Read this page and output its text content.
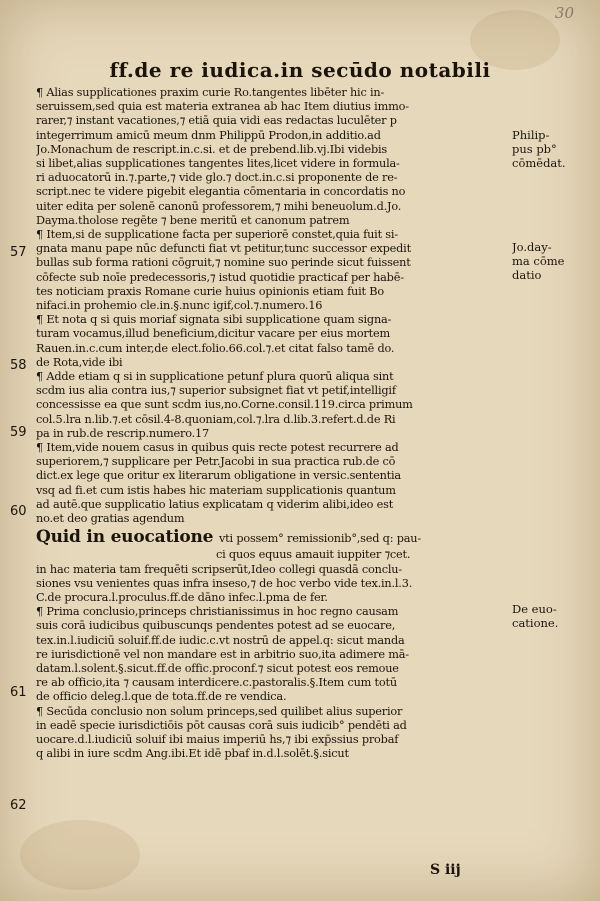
30
ff.de re iudica.in secūdo notabili
57
58
59
60
61
62
Philip-
pus pb°
cōmēdat.
Jo.day-
ma cōme
datio
De euo-
catione.
¶ Alias supplicationes praxim curie Ro.tangentes libēter hic in-
seruissem,sed quia est materia extranea ab hac Item diutius immo-
rarer,⁊ instant vacationes,⁊ etiā quia vidi eas redactas luculēter p
integerrimum amicū meum dnm Philippū Prodon,in additio.ad
Jo.Monachum de rescript.in.c.si. et de prebend.lib.vj.Ibi videbis
si libet,alias supplicationes tangentes lites,licet videre in formula-
ri aduocatorū in.⁊.parte,⁊ vide glo.⁊ doct.in.c.si proponente de re-
script.nec te videre pigebit elegantia cōmentaria in concordatis no
uiter edita per solenē canonū professorem,⁊ mihi beneuolum.d.Jo.
Dayma.tholose regēte ⁊ bene meritū et canonum patrem
¶ Item,si de supplicatione facta per superiorē constet,quia fuit si-
gnata manu pape nūc defuncti fiat vt petitur,tunc successor expedit
bullas sub forma rationi cōgruit,⁊ nomine suo perinde sicut fuissent
cōfecte sub noīe predecessoris,⁊ istud quotidie practicaf per habē-
tes noticiam praxis Romane curie huius opinionis etiam fuit Bo
nifaci.in prohemio cle.in.§.nunc igif,col.⁊.numero.16
¶ Et nota q si quis moriaf signata sibi supplicatione quam signa-
turam vocamus,illud beneficium,dicitur vacare per eius mortem
Rauen.in.c.cum inter,de elect.folio.66.col.⁊.et citat falso tamē do.
de Rota,vide ibi
¶ Adde etiam q si in supplicatione petunf plura quorū aliqua sint
scdm ius alia contra ius,⁊ superior subsignet fiat vt petif,intelligif
concessisse ea que sunt scdm ius,no.Corne.consil.119.circa primum
col.5.lra n.lib.⁊.et cōsil.4-8.quoniam,col.⁊.lra d.lib.3.refert.d.de Ri
pa in rub.de rescrip.numero.17
¶ Item,vide nouem casus in quibus quis recte potest recurrere ad
superiorem,⁊ supplicare per Petr.Jacobi in sua practica rub.de cō
dict.ex lege que oritur ex literarum obligatione in versic.sententia
vsq ad fi.et cum istis habes hic materiam supplicationis quantum
ad autē.que supplicatio latius explicatam q viderim alibi,ideo est
no.et deo gratias agendum
Quid in euocatione vti possem° remissionib°,sed q: pau-
ci quos equus amauit iuppiter ⁊cet.
in hac materia tam frequēti scripserūt,Ideo collegi quasdā conclu-
siones vsu venientes quas infra inseso,⁊ de hoc verbo vide tex.in.l.3.
C.de procura.l.proculus.ff.de dāno infec.l.pma de fer.
¶ Prima conclusio,princeps christianissimus in hoc regno causam
suis corā iudicibus quibuscunqs pendentes potest ad se euocare,
tex.in.l.iudiciū soluif.ff.de iudic.c.vt nostrū de appel.q: sicut manda
re iurisdictionē vel non mandare est in arbitrio suo,ita adimere mā-
datam.l.solent.§.sicut.ff.de offic.proconf.⁊ sicut potest eos remoue
re ab officio,ita ⁊ causam interdicere.c.pastoralis.§.Item cum totū
de officio deleg.l.que de tota.ff.de re vendica.
¶ Secūda conclusio non solum princeps,sed quilibet alius superior
in eadē specie iurisdictiōis pōt causas corā suis iudicib° pendēti ad
uocare.d.l.iudiciū soluif ibi maius imperiū hs,⁊ ibi exp̄ssius probaf
q alibi in iure scdm Ang.ibi.Et idē pbaf in.d.l.solēt.§.sicut
S iij
